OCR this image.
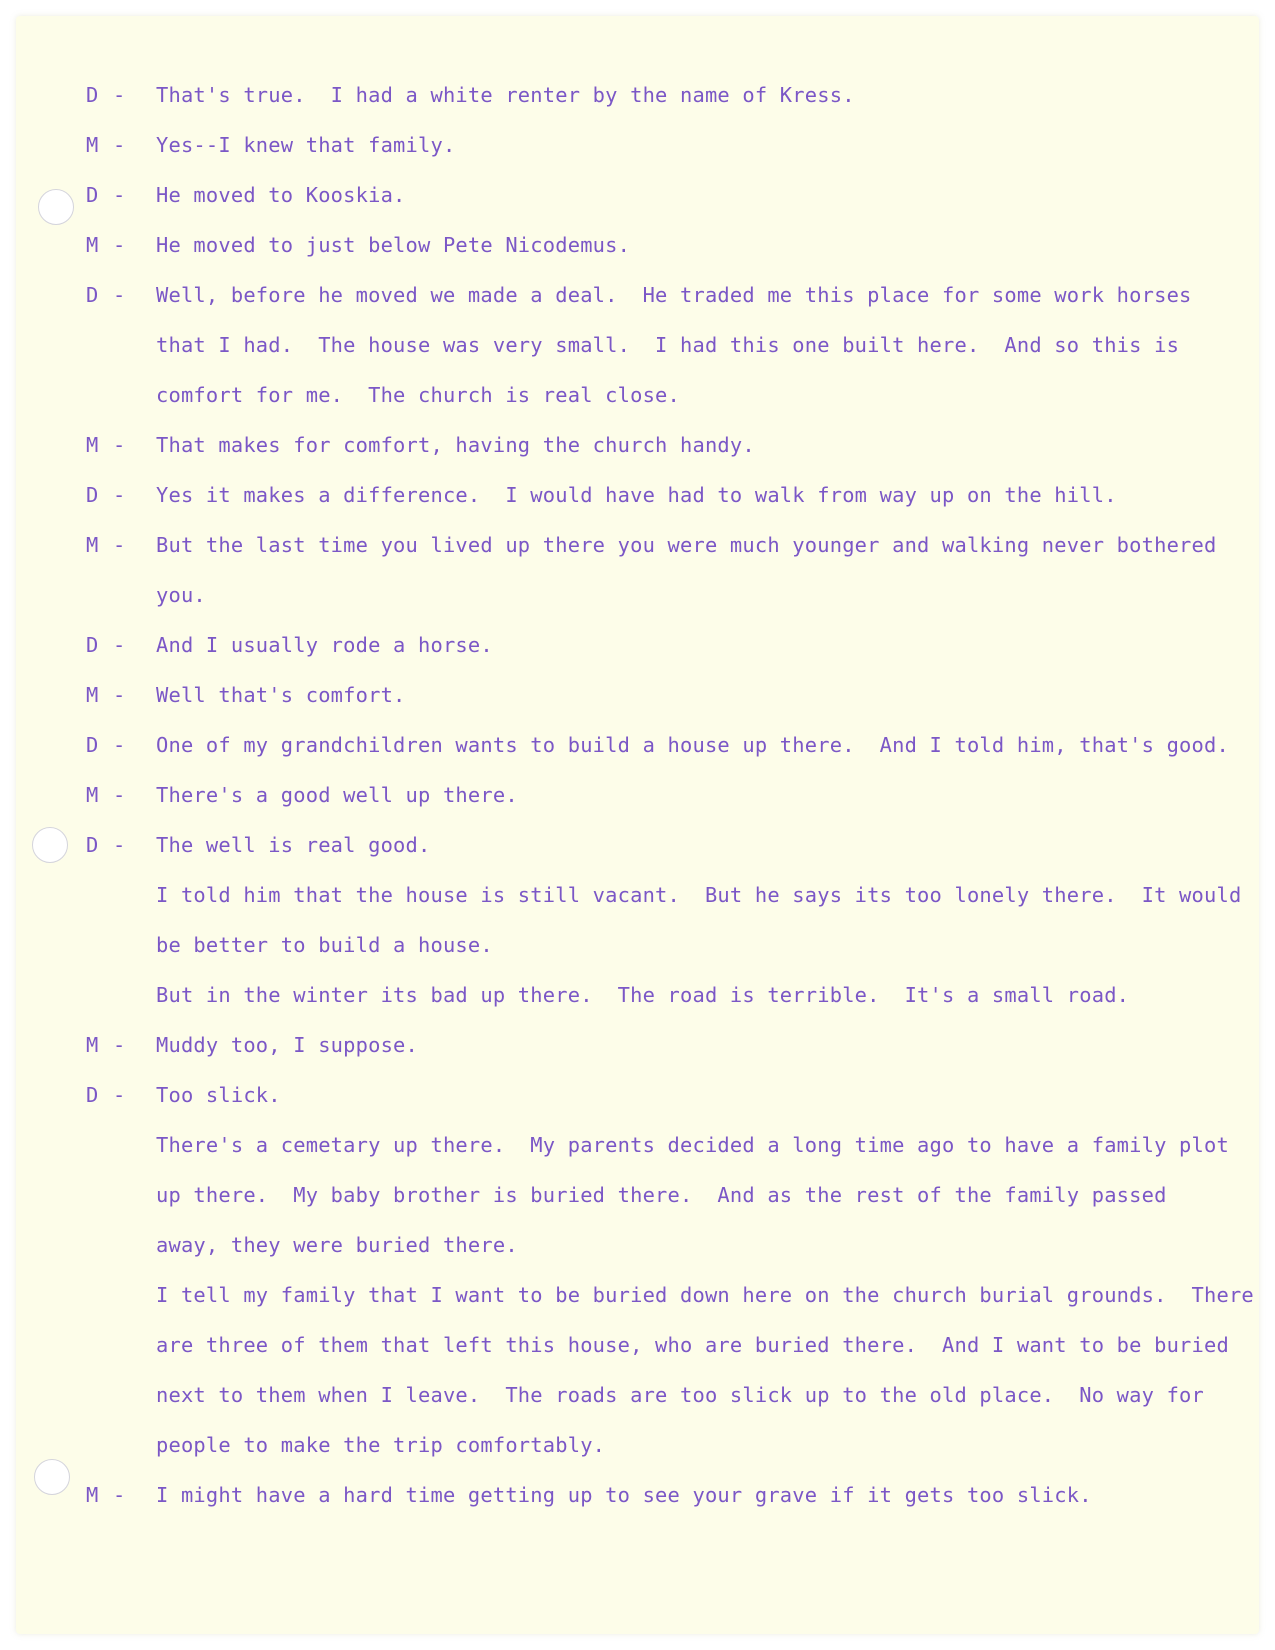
D - That's true.  I had a white renter by the name of Kress.
M - Yes--I knew that family.
D - He moved to Kooskia.
M - He moved to just below Pete Nicodemus.
D - Well, before he moved we made a deal.  He traded me this place for some work horses
that I had.  The house was very small.  I had this one built here.  And so this is
comfort for me.  The church is real close.
M - That makes for comfort, having the church handy.
D - Yes it makes a difference.  I would have had to walk from way up on the hill.
M - But the last time you lived up there you were much younger and walking never bothered
you.
D - And I usually rode a horse.
M - Well that's comfort.
D - One of my grandchildren wants to build a house up there.  And I told him, that's good.
M - There's a good well up there.
D - The well is real good.
I told him that the house is still vacant.  But he says its too lonely there.  It would
be better to build a house.
But in the winter its bad up there.  The road is terrible.  It's a small road.
M - Muddy too, I suppose.
D - Too slick.
There's a cemetary up there.  My parents decided a long time ago to have a family plot
up there.  My baby brother is buried there.  And as the rest of the family passed
away, they were buried there.
I tell my family that I want to be buried down here on the church burial grounds.  There
are three of them that left this house, who are buried there.  And I want to be buried
next to them when I leave.  The roads are too slick up to the old place.  No way for
people to make the trip comfortably.
M - I might have a hard time getting up to see your grave if it gets too slick.
